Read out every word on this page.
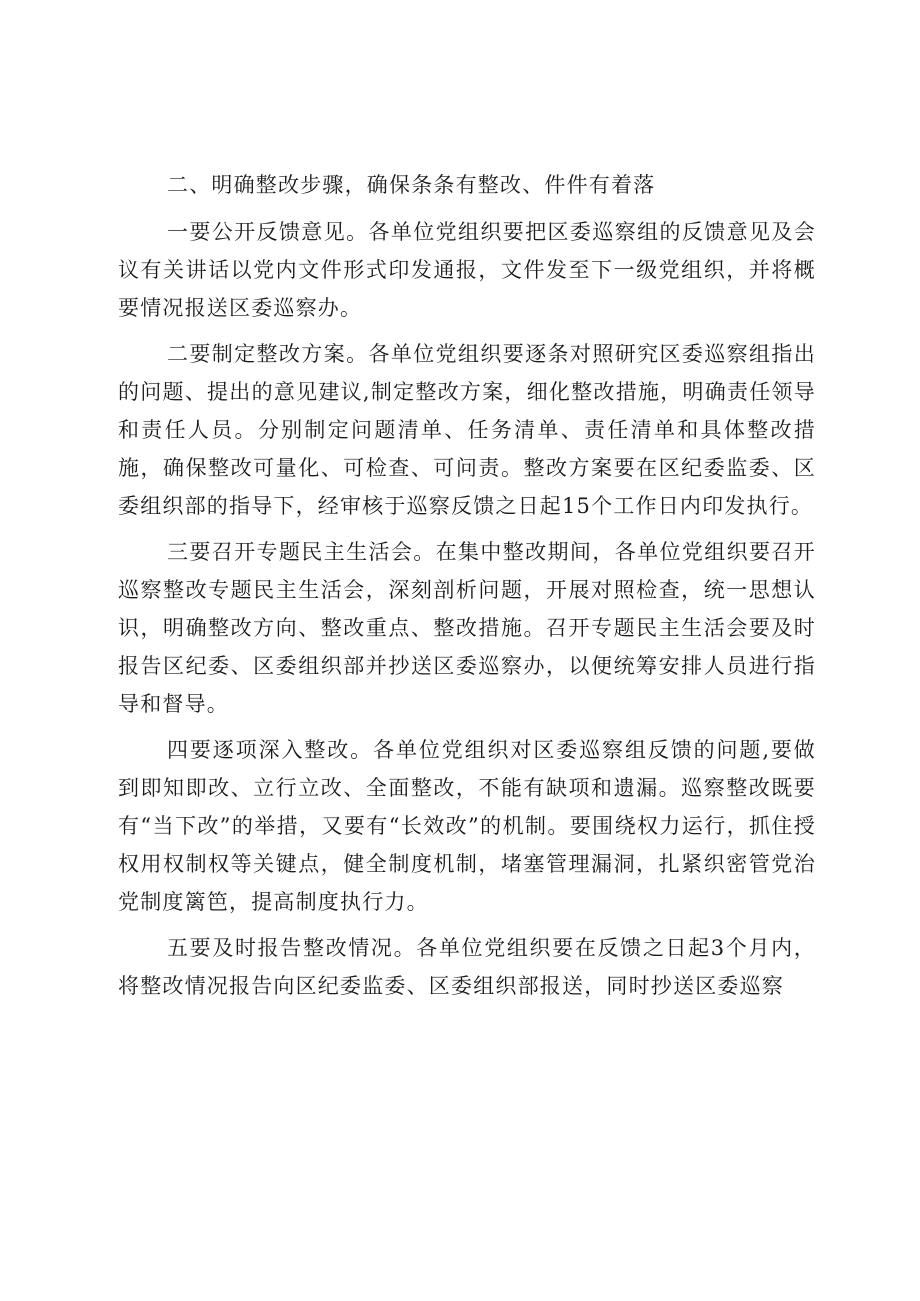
二、明确整改步骤，确保条条有整改、件件有着落

一要公开反馈意见。各单位党组织要把区委巡察组的反馈意见及会议有关讲话以党内文件形式印发通报，文件发至下一级党组织，并将概要情况报送区委巡察办。

二要制定整改方案。各单位党组织要逐条对照研究区委巡察组指出的问题、提出的意见建议,制定整改方案，细化整改措施，明确责任领导和责任人员。分别制定问题清单、任务清单、责任清单和具体整改措施，确保整改可量化、可检查、可问责。整改方案要在区纪委监委、区委组织部的指导下，经审核于巡察反馈之日起15个工作日内印发执行。

三要召开专题民主生活会。在集中整改期间，各单位党组织要召开巡察整改专题民主生活会，深刻剖析问题，开展对照检查，统一思想认识，明确整改方向、整改重点、整改措施。召开专题民主生活会要及时报告区纪委、区委组织部并抄送区委巡察办，以便统筹安排人员进行指导和督导。

四要逐项深入整改。各单位党组织对区委巡察组反馈的问题,要做到即知即改、立行立改、全面整改，不能有缺项和遗漏。巡察整改既要有“当下改”的举措，又要有“长效改”的机制。要围绕权力运行，抓住授权用权制权等关键点，健全制度机制，堵塞管理漏洞，扎紧织密管党治党制度篱笆，提高制度执行力。

五要及时报告整改情况。各单位党组织要在反馈之日起3个月内，将整改情况报告向区纪委监委、区委组织部报送，同时抄送区委巡察
